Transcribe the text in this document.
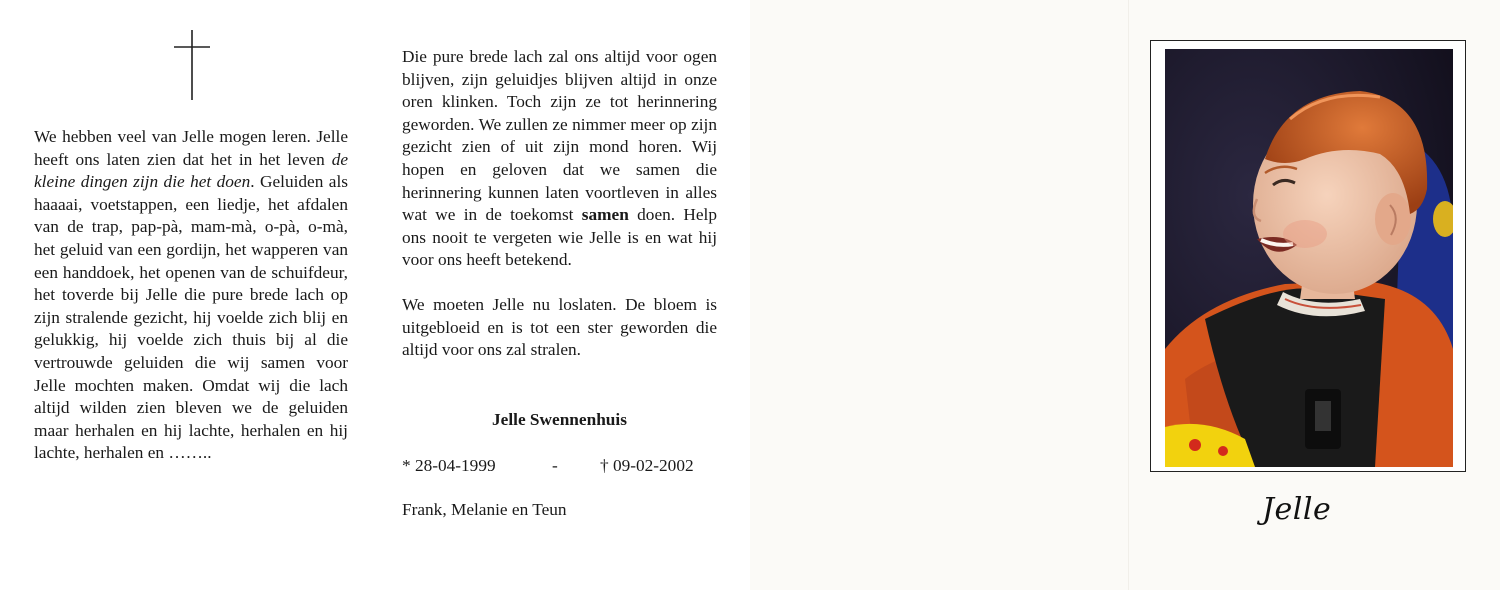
We hebben veel van Jelle mogen leren. Jelle heeft ons laten zien dat het in het leven de kleine dingen zijn die het doen. Geluiden als haaaai, voetstappen, een liedje, het afdalen van de trap, pap-pà, mam-mà, o-pà, o-mà, het geluid van een gordijn, het wapperen van een handdoek, het openen van de schuifdeur, het toverde bij Jelle die pure brede lach op zijn stralende gezicht, hij voelde zich blij en gelukkig, hij voelde zich thuis bij al die vertrouwde geluiden die wij samen voor Jelle mochten maken. Omdat wij die lach altijd wilden zien bleven we de geluiden maar herhalen en hij lachte, herhalen en hij lachte, herhalen en ……..

Die pure brede lach zal ons altijd voor ogen blijven, zijn geluidjes blijven altijd in onze oren klinken. Toch zijn ze tot herinnering geworden. We zullen ze nimmer meer op zijn gezicht zien of uit zijn mond horen. Wij hopen en geloven dat we samen die herinnering kunnen laten voortleven in alles wat we in de toekomst samen doen. Help ons nooit te vergeten wie Jelle is en wat hij voor ons heeft betekend.

We moeten Jelle nu loslaten. De bloem is uitgebloeid en is tot een ster geworden die altijd voor ons zal stralen.

Jelle Swennenhuis
* 28-04-1999	- † 09-02-2002
Frank, Melanie en Teun	Jelle
